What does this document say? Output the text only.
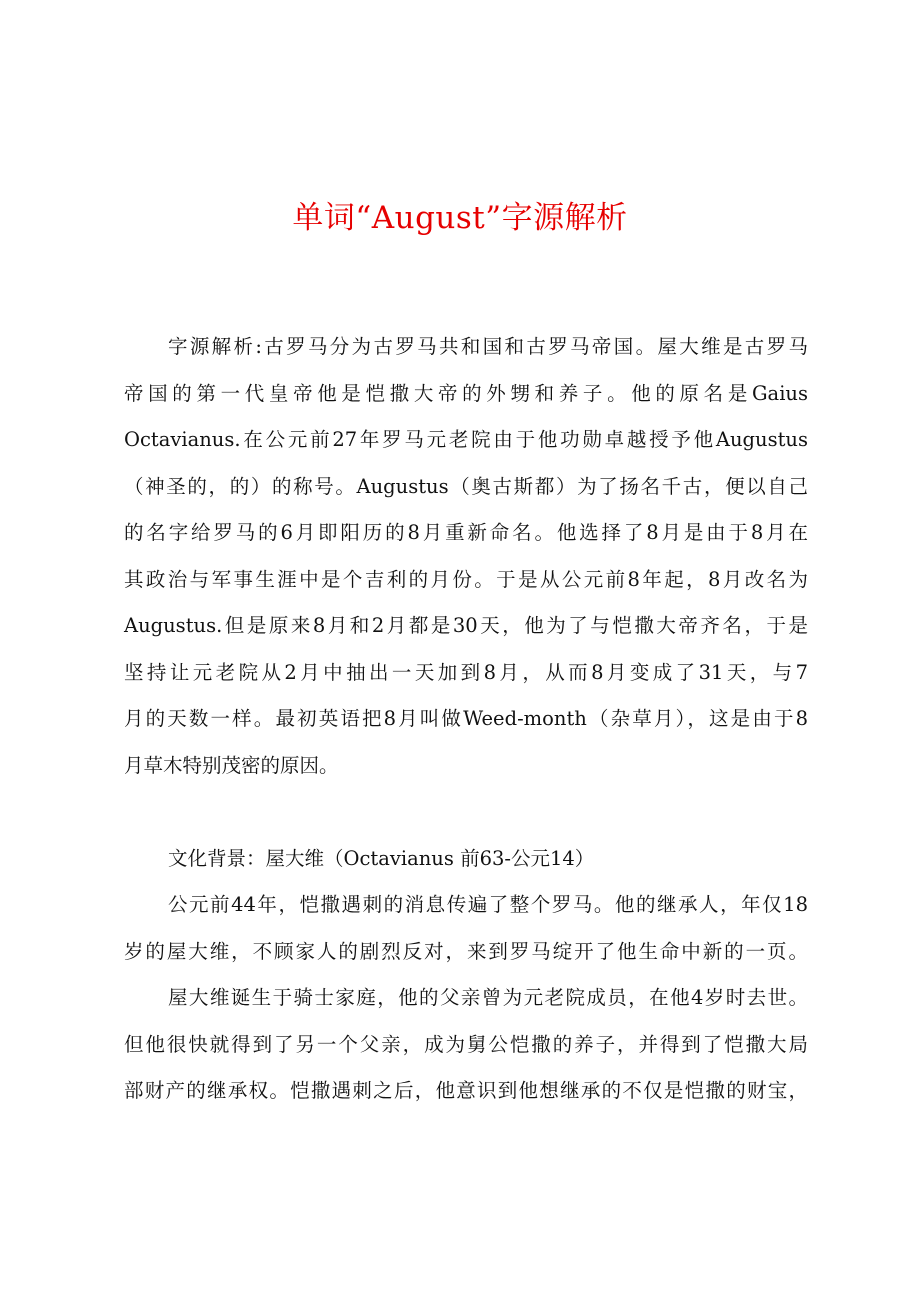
单词“August”字源解析
字源解析:古罗马分为古罗马共和国和古罗马帝国。屋大维是古罗马
帝国的第一代皇帝他是恺撒大帝的外甥和养子。他的原名是Gaius
Octavianus.在公元前27年罗马元老院由于他功勋卓越授予他Augustus
（神圣的，的）的称号。Augustus（奥古斯都）为了扬名千古，便以自己
的名字给罗马的6月即阳历的8月重新命名。他选择了8月是由于8月在
其政治与军事生涯中是个吉利的月份。于是从公元前8年起，8月改名为
Augustus.但是原来8月和2月都是30天，他为了与恺撒大帝齐名，于是
坚持让元老院从2月中抽出一天加到8月，从而8月变成了31天，与7
月的天数一样。最初英语把8月叫做Weed-month（杂草月），这是由于8
月草木特别茂密的原因。
文化背景：屋大维（Octavianus 前63-公元14）
公元前44年，恺撒遇刺的消息传遍了整个罗马。他的继承人，年仅18
岁的屋大维，不顾家人的剧烈反对，来到罗马绽开了他生命中新的一页。
屋大维诞生于骑士家庭，他的父亲曾为元老院成员，在他4岁时去世。
但他很快就得到了另一个父亲，成为舅公恺撒的养子，并得到了恺撒大局
部财产的继承权。恺撒遇刺之后，他意识到他想继承的不仅是恺撒的财宝，
